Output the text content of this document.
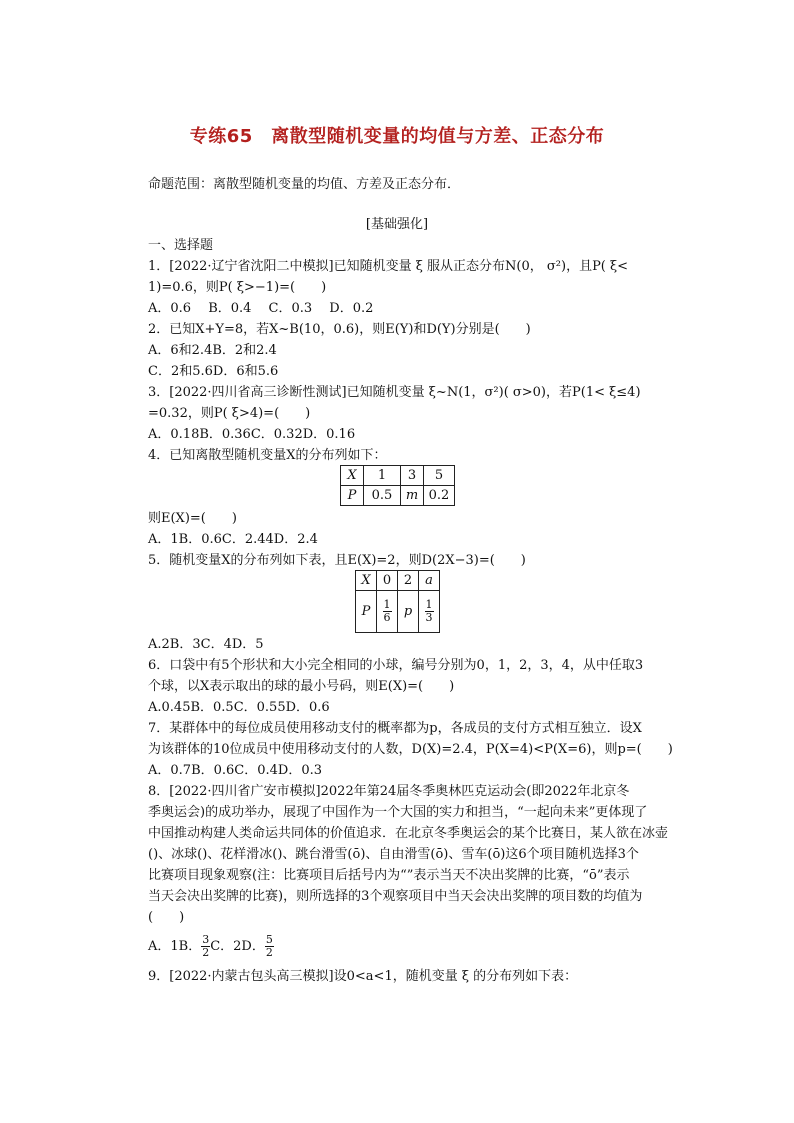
专练65　离散型随机变量的均值与方差、正态分布
命题范围：离散型随机变量的均值、方差及正态分布．
[基础强化]
一、选择题
1．[2022·辽宁省沈阳二中模拟]已知随机变量 ξ 服从正态分布N(0， σ²)，且P( ξ<
1)=0.6，则P( ξ>−1)=(　　)
A．0.6　 B．0.4　 C．0.3　 D．0.2
2．已知X+Y=8，若X~B(10，0.6)，则E(Y)和D(Y)分别是(　　)
A．6和2.4B．2和2.4
C．2和5.6D．6和5.6
3．[2022·四川省高三诊断性测试]已知随机变量 ξ~N(1，σ²)( σ>0)，若P(1< ξ≤4)
=0.32，则P( ξ>4)=(　　)
A．0.18B．0.36C．0.32D．0.16
4．已知离散型随机变量X的分布列如下：
X	1	3	5
P	0.5	m	0.2
则E(X)=(　　)
A．1B．0.6C．2.44D．2.4
5．随机变量X的分布列如下表，且E(X)=2，则D(2X−3)=(　　)
X	0	2	a
P	$\frac{1}{6}$	p	$\frac{1}{3}$
A.2B．3C．4D．5
6．口袋中有5个形状和大小完全相同的小球，编号分别为0，1，2，3，4，从中任取3
个球，以X表示取出的球的最小号码，则E(X)=(　　)
A.0.45B．0.5C．0.55D．0.6
7．某群体中的每位成员使用移动支付的概率都为p，各成员的支付方式相互独立．设X
为该群体的10位成员中使用移动支付的人数，D(X)=2.4，P(X=4)<P(X=6)，则p=(　　)
A．0.7B．0.6C．0.4D．0.3
8．[2022·四川省广安市模拟]2022年第24届冬季奥林匹克运动会(即2022年北京冬
季奥运会)的成功举办，展现了中国作为一个大国的实力和担当，“一起向未来”更体现了
中国推动构建人类命运共同体的价值追求．在北京冬季奥运会的某个比赛日，某人欲在冰壶
()、冰球()、花样滑冰()、跳台滑雪(ō)、自由滑雪(ō)、雪车(ō)这6个项目随机选择3个
比赛项目现象观察(注：比赛项目后括号内为“”表示当天不决出奖牌的比赛，“ō”表示
当天会决出奖牌的比赛)，则所选择的3个观察项目中当天会决出奖牌的项目数的均值为
(　　)
A．1B． $\frac{3}{2}$ C．2D． $\frac{5}{2}$
9．[2022·内蒙古包头高三模拟]设0<a<1，随机变量 ξ 的分布列如下表：
